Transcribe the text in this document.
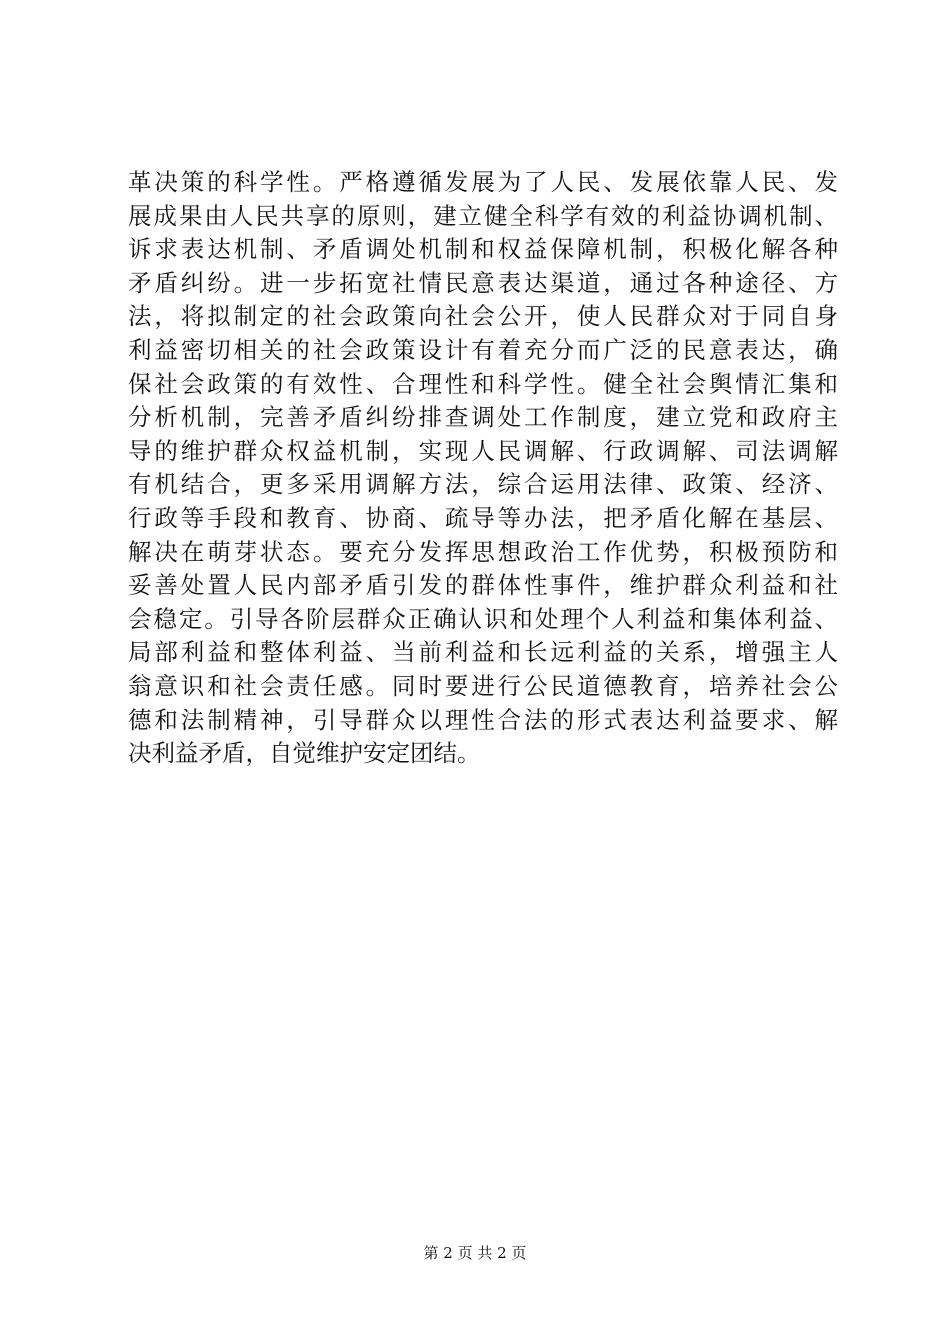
革决策的科学性。严格遵循发展为了人民、发展依靠人民、发
展成果由人民共享的原则，建立健全科学有效的利益协调机制、
诉求表达机制、矛盾调处机制和权益保障机制，积极化解各种
矛盾纠纷。进一步拓宽社情民意表达渠道，通过各种途径、方
法，将拟制定的社会政策向社会公开，使人民群众对于同自身
利益密切相关的社会政策设计有着充分而广泛的民意表达，确
保社会政策的有效性、合理性和科学性。健全社会舆情汇集和
分析机制，完善矛盾纠纷排查调处工作制度，建立党和政府主
导的维护群众权益机制，实现人民调解、行政调解、司法调解
有机结合，更多采用调解方法，综合运用法律、政策、经济、
行政等手段和教育、协商、疏导等办法，把矛盾化解在基层、
解决在萌芽状态。要充分发挥思想政治工作优势，积极预防和
妥善处置人民内部矛盾引发的群体性事件，维护群众利益和社
会稳定。引导各阶层群众正确认识和处理个人利益和集体利益、
局部利益和整体利益、当前利益和长远利益的关系，增强主人
翁意识和社会责任感。同时要进行公民道德教育，培养社会公
德和法制精神，引导群众以理性合法的形式表达利益要求、解
决利益矛盾，自觉维护安定团结。
第 2 页 共 2 页
